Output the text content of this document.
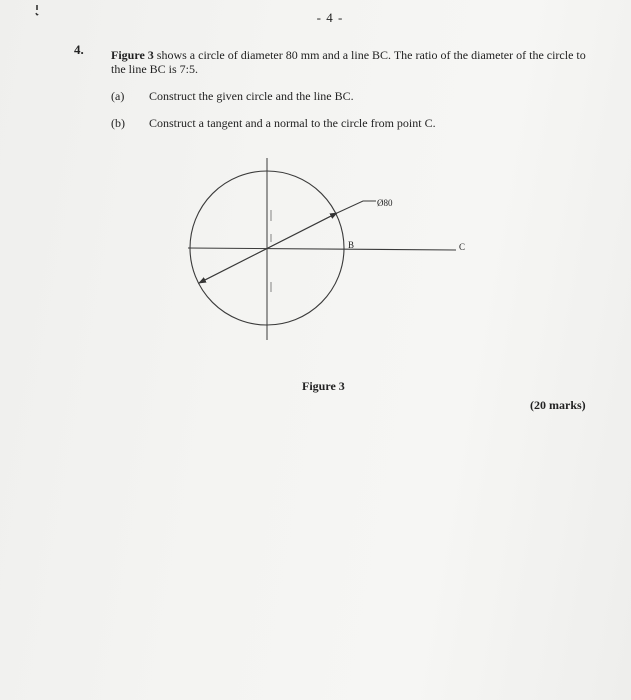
- 4 -
4. Figure 3 shows a circle of diameter 80 mm and a line BC. The ratio of the diameter of the circle to the line BC is 7:5.
(a) Construct the given circle and the line BC.
(b) Construct a tangent and a normal to the circle from point C.
Ø80
B	C
Figure 3
(20 marks)
